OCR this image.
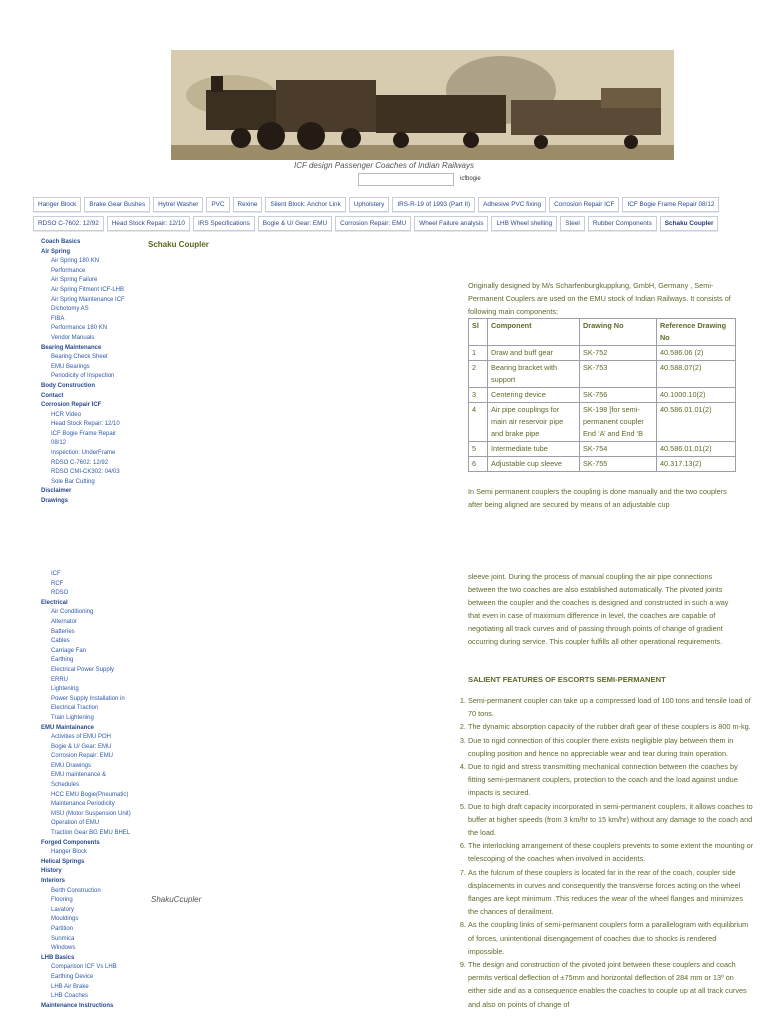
ICF design Passenger Coaches of Indian Railways
icfbogie
Hanger Block	Brake Gear Bushes	Hytrel Washer	PVC	Rexine	Silent Block: Anchor Link	Upholstery	IRS-R-19 of 1993 (Part II)	Adhesive PVC fixing	Corrosion Repair ICF	ICF Bogie Frame Repair 08/12
RDSO C-7602: 12/92	Head Stock Repair: 12/10	IRS Specifications	Bogie & U/ Gear: EMU	Corrosion Repair: EMU	Wheel Failure analysis	LHB Wheel shelling	Steel	Rubber Components	Schaku Coupler
Coach Basics
Air Spring
Air Spring 180 KN
Performance
Air Spring Failure
Air Spring Fitment ICF-LHB
Air Spring Maintenance ICF
Dichotomy AS
FIBA
Performance 180 KN
Vendor Manuals
Bearing Maintenance
Bearing Check Sheet
EMU Bearings
Periodicity of Inspection
Body Construction
Contact
Corrosion Repair ICF
HCR Video
Head Stock Repair: 12/10
ICF Bogie Frame Repair
08/12
Inspection: UnderFrame
RDSO C-7602: 12/92
RDSO CMI-CK302: 04/03
Sole Bar Cutting
Disclaimer
Drawings
ICF
RCF
RDSO
Electrical
Air Conditioning
Alternator
Batteries
Cables
Carriage Fan
Earthing
Electrical Power Supply
ERRU
Lightening
Power Supply Installation in
Electrical Traction
Train Lightening
EMU Maintainance
Activities of EMU POH
Bogie & U/ Gear: EMU
Corrosion Repair: EMU
EMU Drawings
EMU maintenance &
Schedules
HCC EMU Bogie(Pneumatic)
Maintenance Periodicity
MSU (Motor Suspension Unit)
Operation of EMU
Traction Gear BG EMU BHEL
Forged Components
Hanger Block
Helical Springs
History
Interiors
Berth Construction
Flooring
Lavatory
Mouldings
Partition
Sunmica
Windows
LHB Basics
Comparison ICF Vs LHB
Earthing Device
LHB Air Brake
LHB Coaches
Maintenance Instructions
Schaku Coupler
Originally designed by M/s Scharfenburgkupplung, GmbH, Germany , Semi-Permanent Couplers are used on the EMU stock of Indian Railways. It consists of following main components;
Sl	Component	Drawing No	Reference Drawing No
1	Draw and buff gear	SK-752	40.586.06 (2)
2	Bearing bracket with support	SK-753	40.588.07(2)
3	Centering device	SK-756	40.1000.10(2)
4	Air pipe couplings for main air reservoir pipe and brake pipe	SK-198 [for semi-permanent coupler End ‘A’ and End ‘B	40.586.01.01(2)
5	Intermediate tube	SK-754	40.586.01.01(2)
6	Adjustable cup sleeve	SK-755	40.317.13(2)
In Semi permanent couplers the coupling is done manually and the two couplers after being aligned are secured by means of an adjustable cup
sleeve joint. During the process of manual coupling the air pipe connections between the two coaches are also established automatically. The pivoted joints between the coupler and the coaches is designed and constructed in such a way that even in case of maximum difference in level, the coaches are capable of negotiating all track curves and of passing through points of change of gradient occurring during service. This coupler fulfills all other operational requirements.
SALIENT FEATURES OF ESCORTS SEMI-PERMANENT
1. Semi-permanent coupler can take up a compressed load of 100 tons and tensile load of 70 tons.
2. The dynamic absorption capacity of the rubber draft gear of these couplers is 800 m-kg.
3. Due to rigid connection of this coupler there exists negligible play between them in coupling position and hence no appreciable wear and tear during train operation.
4. Due to rigid and stress transmitting mechanical connection between the coaches by fitting semi-permanent couplers, protection to the coach and the load against undue impacts is secured.
5. Due to high draft capacity incorporated in semi-permanent couplers, it allows coaches to buffer at higher speeds (from 3 km/hr to 15 km/hr) without any damage to the coach and the load.
6. The interlocking arrangement of these couplers prevents to some extent the mounting or telescoping of the coaches when involved in accidents.
7. As the fulcrum of these couplers is located far in the rear of the coach, coupler side displacements in curves and consequently the transverse forces acting on the wheel flanges are kept minimum .This reduces the wear of the wheel flanges and minimizes the chances of derailment.
8. As the coupling links of semi-permanent couplers form a parallelogram with equilibrium of forces, unintentional disengagement of coaches due to shocks is rendered impossible.
9. The design and construction of the pivoted joint between these couplers and coach permits vertical deflection of ±75mm and horizontal deflection of 284 mm or 13º on either side and as a consequence enables the coaches to couple up at all track curves and also on points of change of
ShakuCcupler
